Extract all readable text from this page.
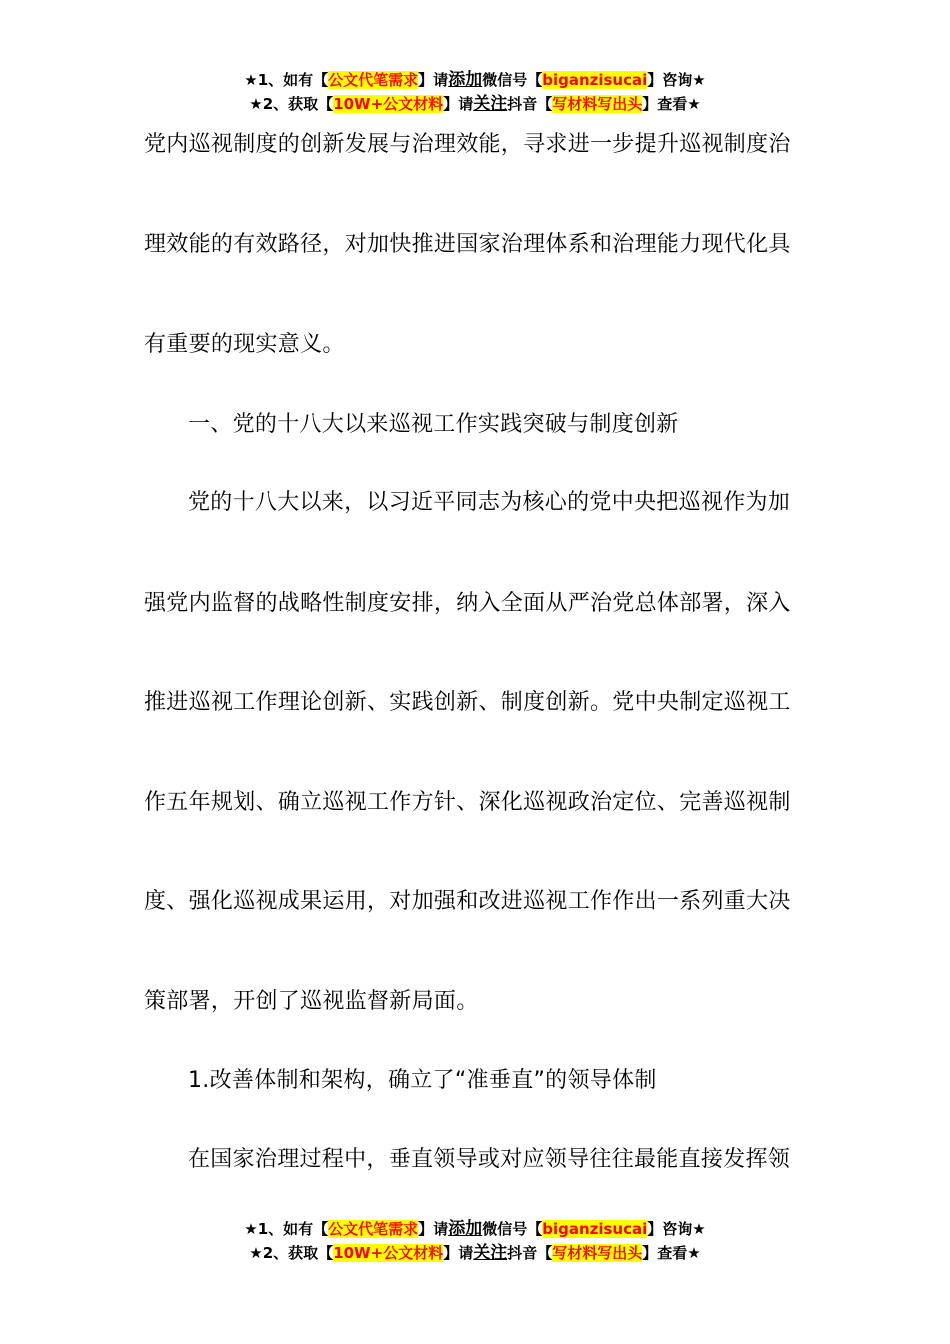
★1、如有【公文代笔需求】请添加微信号【biganzisucai】咨询★
★2、获取【10W+公文材料】请关注抖音【写材料写出头】查看★
党内巡视制度的创新发展与治理效能，寻求进一步提升巡视制度治
理效能的有效路径，对加快推进国家治理体系和治理能力现代化具
有重要的现实意义。
一、党的十八大以来巡视工作实践突破与制度创新
党的十八大以来，以习近平同志为核心的党中央把巡视作为加
强党内监督的战略性制度安排，纳入全面从严治党总体部署，深入
推进巡视工作理论创新、实践创新、制度创新。党中央制定巡视工
作五年规划、确立巡视工作方针、深化巡视政治定位、完善巡视制
度、强化巡视成果运用，对加强和改进巡视工作作出一系列重大决
策部署，开创了巡视监督新局面。
1.改善体制和架构，确立了“准垂直”的领导体制
在国家治理过程中，垂直领导或对应领导往往最能直接发挥领
★1、如有【公文代笔需求】请添加微信号【biganzisucai】咨询★
★2、获取【10W+公文材料】请关注抖音【写材料写出头】查看★
